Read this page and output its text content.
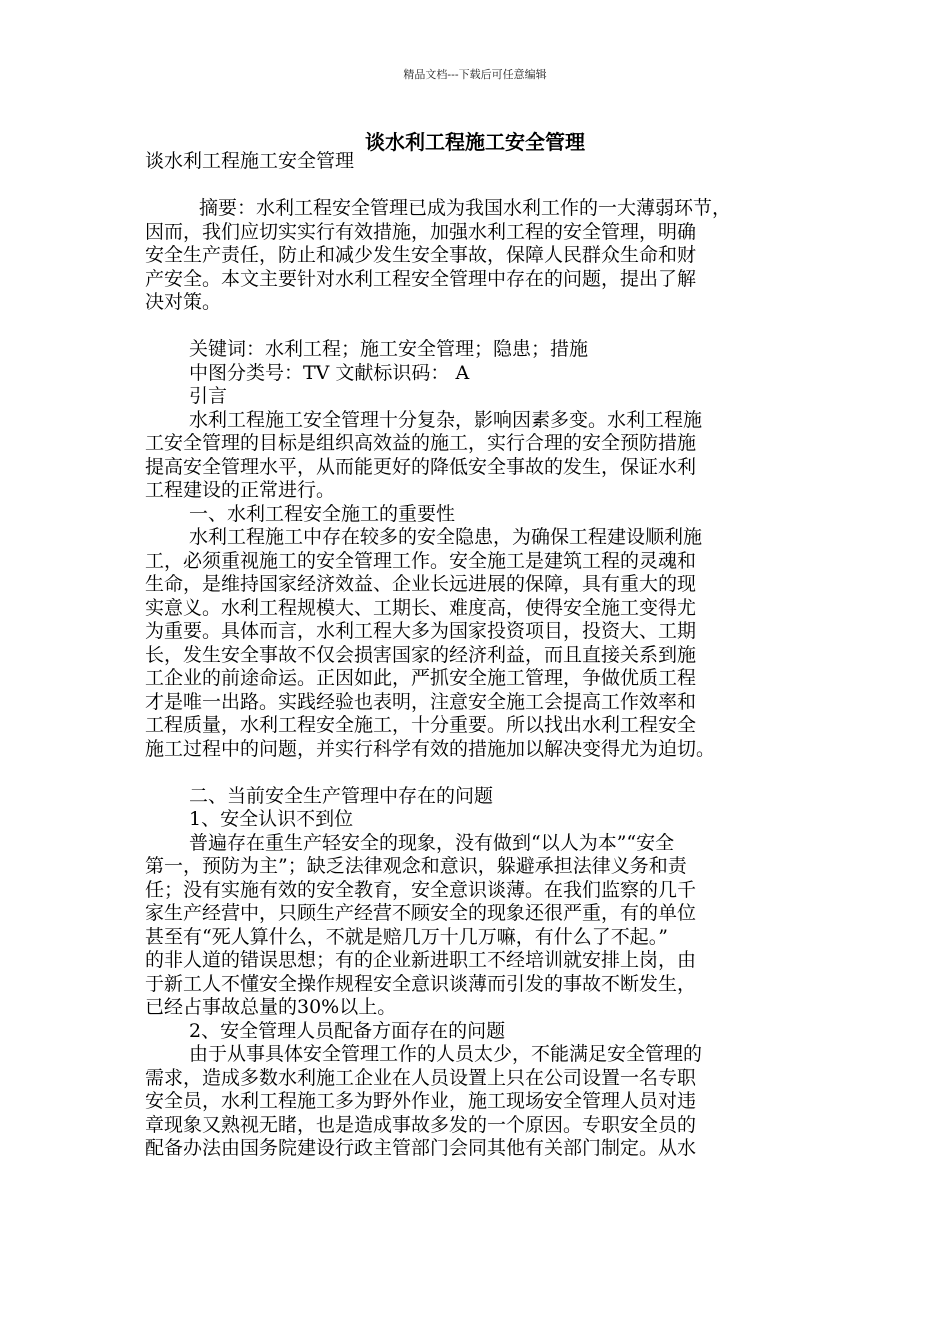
精品文档---下载后可任意编辑
谈水利工程施工安全管理

谈水利工程施工安全管理

摘要：水利工程安全管理已成为我国水利工作的一大薄弱环节，

因而，我们应切实实行有效措施，加强水利工程的安全管理，明确

安全生产责任，防止和减少发生安全事故，保障人民群众生命和财

产安全。本文主要针对水利工程安全管理中存在的问题，提出了解

决对策。

关键词：水利工程；施工安全管理；隐患；措施

中图分类号：TV 文献标识码： A

引言

水利工程施工安全管理十分复杂，影响因素多变。水利工程施

工安全管理的目标是组织高效益的施工，实行合理的安全预防措施

提高安全管理水平，从而能更好的降低安全事故的发生，保证水利

工程建设的正常进行。

一、水利工程安全施工的重要性

水利工程施工中存在较多的安全隐患，为确保工程建设顺利施

工，必须重视施工的安全管理工作。安全施工是建筑工程的灵魂和

生命，是维持国家经济效益、企业长远进展的保障，具有重大的现

实意义。水利工程规模大、工期长、难度高，使得安全施工变得尤

为重要。具体而言，水利工程大多为国家投资项目，投资大、工期

长，发生安全事故不仅会损害国家的经济利益，而且直接关系到施

工企业的前途命运。正因如此，严抓安全施工管理，争做优质工程

才是唯一出路。实践经验也表明，注意安全施工会提高工作效率和

工程质量，水利工程安全施工，十分重要。所以找出水利工程安全

施工过程中的问题，并实行科学有效的措施加以解决变得尤为迫切。

二、当前安全生产管理中存在的问题

1、安全认识不到位

普遍存在重生产轻安全的现象，没有做到“以人为本”“安全

第一，预防为主”；缺乏法律观念和意识，躲避承担法律义务和责

任；没有实施有效的安全教育，安全意识谈薄。在我们监察的几千

家生产经营中，只顾生产经营不顾安全的现象还很严重，有的单位

甚至有“死人算什么，不就是赔几万十几万嘛，有什么了不起。”

的非人道的错误思想；有的企业新进职工不经培训就安排上岗，由

于新工人不懂安全操作规程安全意识谈薄而引发的事故不断发生，

已经占事故总量的30%以上。

2、安全管理人员配备方面存在的问题

由于从事具体安全管理工作的人员太少，不能满足安全管理的

需求，造成多数水利施工企业在人员设置上只在公司设置一名专职

安全员，水利工程施工多为野外作业，施工现场安全管理人员对违

章现象又熟视无睹，也是造成事故多发的一个原因。专职安全员的

配备办法由国务院建设行政主管部门会同其他有关部门制定。从水
